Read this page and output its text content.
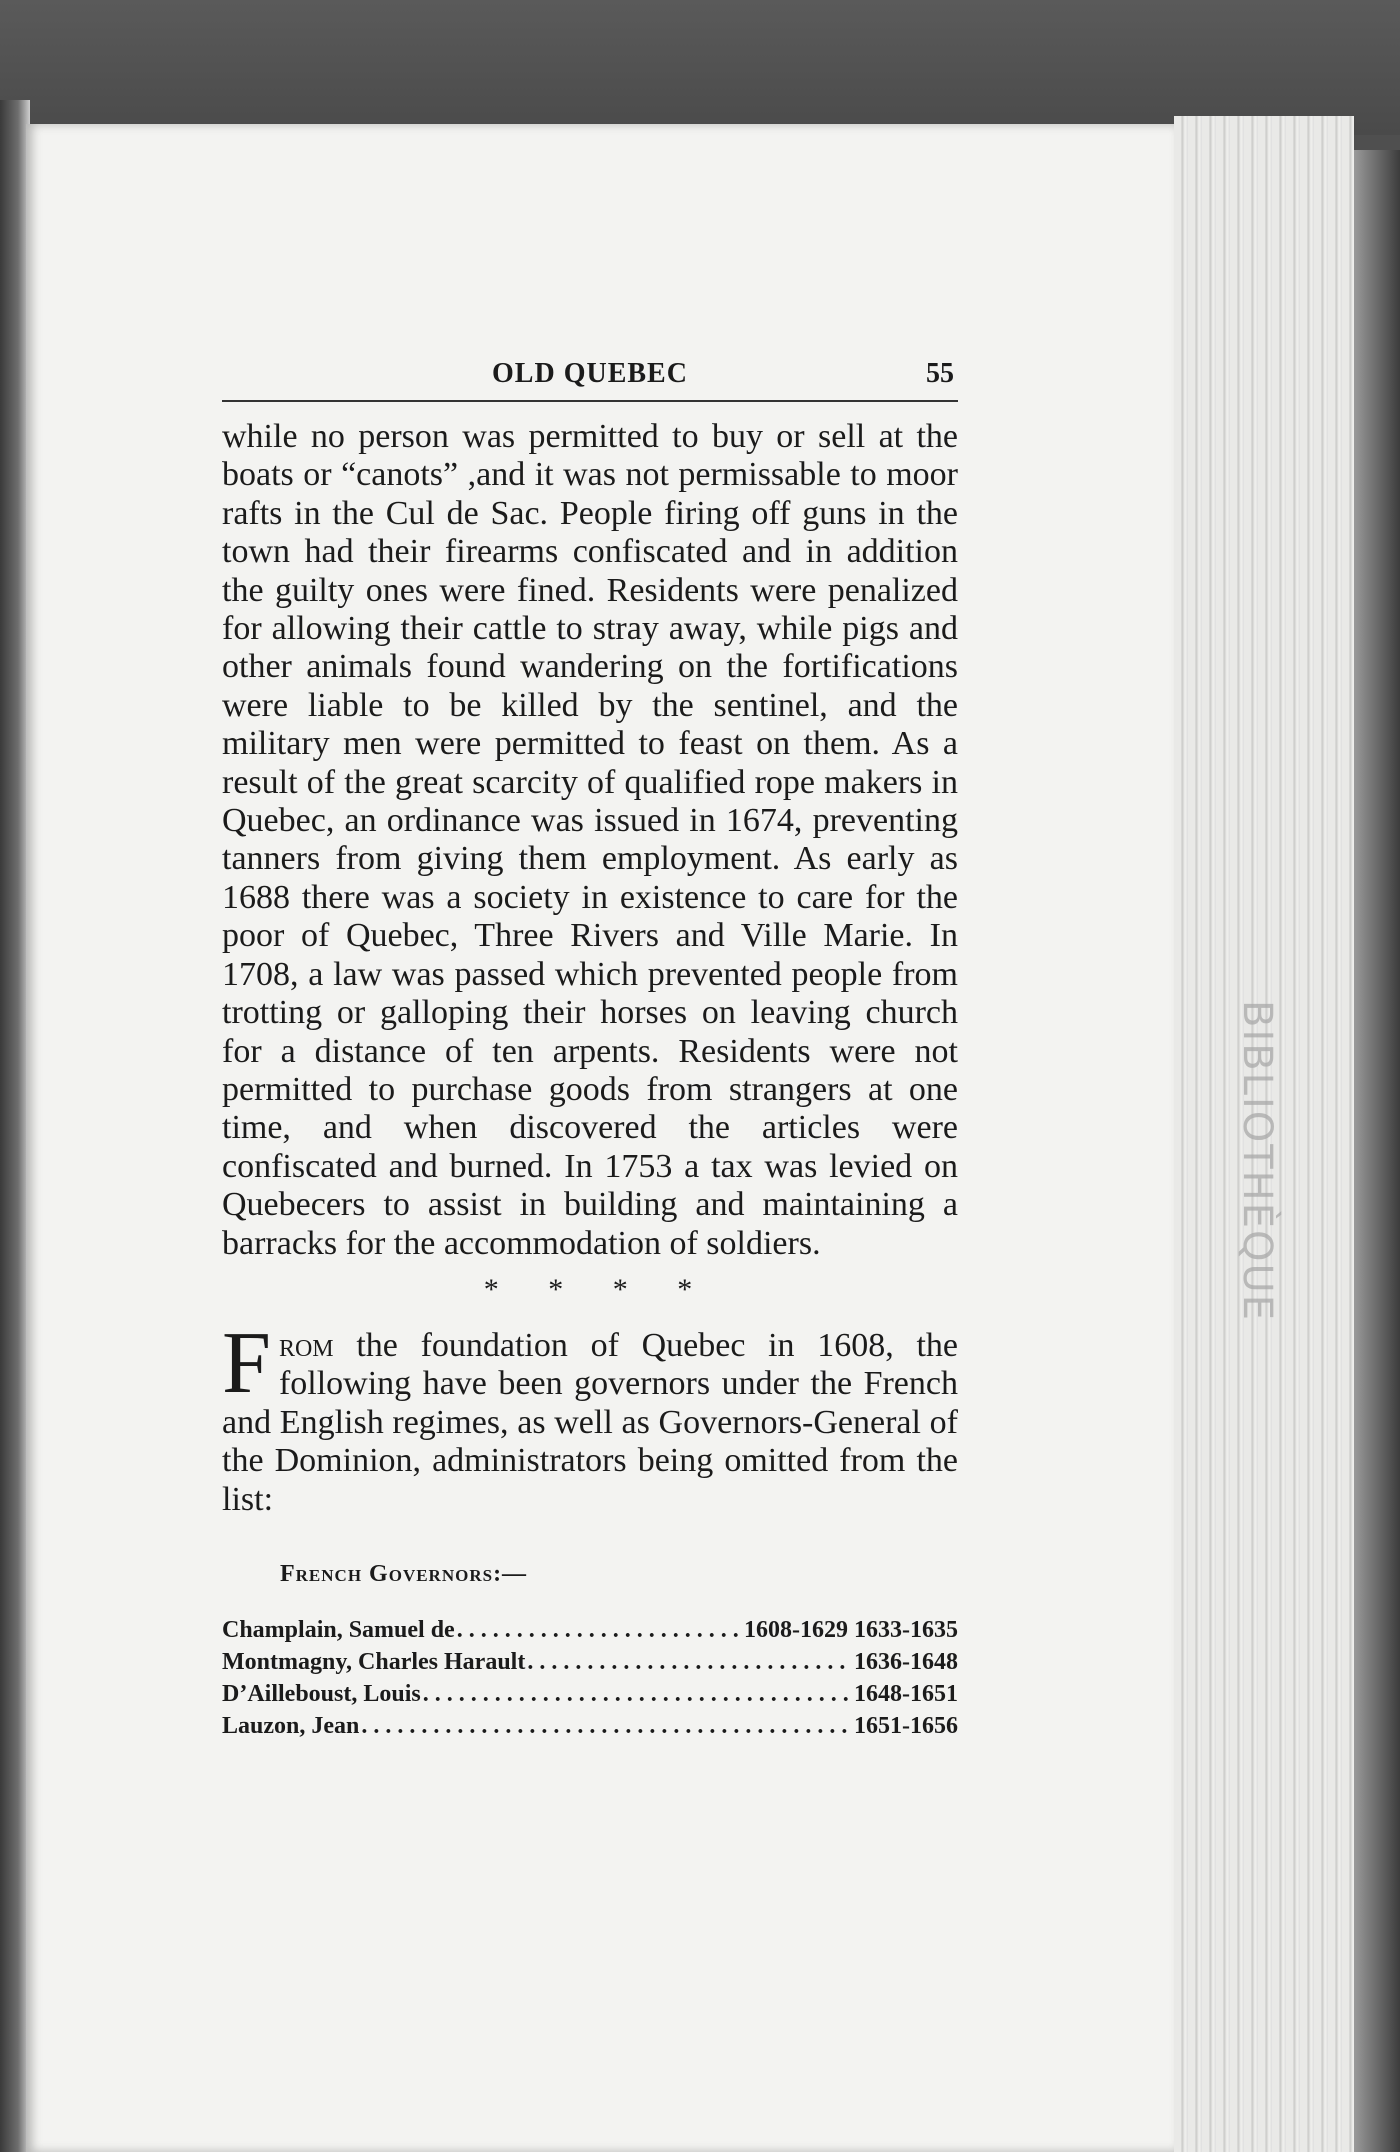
BIBLIOTHÈQUE
OLD QUEBEC	55

while no person was permitted to buy or sell at the boats or “canots” ,and it was not permissable to moor rafts in the Cul de Sac. People firing off guns in the town had their firearms confiscated and in addition the guilty ones were fined. Residents were penalized for allowing their cattle to stray away, while pigs and other animals found wandering on the fortifications were liable to be killed by the sentinel, and the military men were permitted to feast on them. As a result of the great scarcity of qualified rope makers in Quebec, an ordinance was issued in 1674, preventing tanners from giving them employment. As early as 1688 there was a society in existence to care for the poor of Quebec, Three Rivers and Ville Marie. In 1708, a law was passed which prevented people from trotting or galloping their horses on leaving church for a distance of ten arpents. Residents were not permitted to purchase goods from strangers at one time, and when discovered the articles were confiscated and burned. In 1753 a tax was levied on Quebecers to assist in building and maintaining a barracks for the accommodation of soldiers.

* * * *
From the foundation of Quebec in 1608, the following have been governors under the French and English regimes, as well as Governors-General of the Dominion, administrators being omitted from the list:
French Governors:—
Champlain, Samuel de . . .	1608-1629 1633-1635
Montmagny, Charles Harault . . .	1636-1648
D’Ailleboust, Louis . . .	1648-1651
Lauzon, Jean . . .	1651-1656
